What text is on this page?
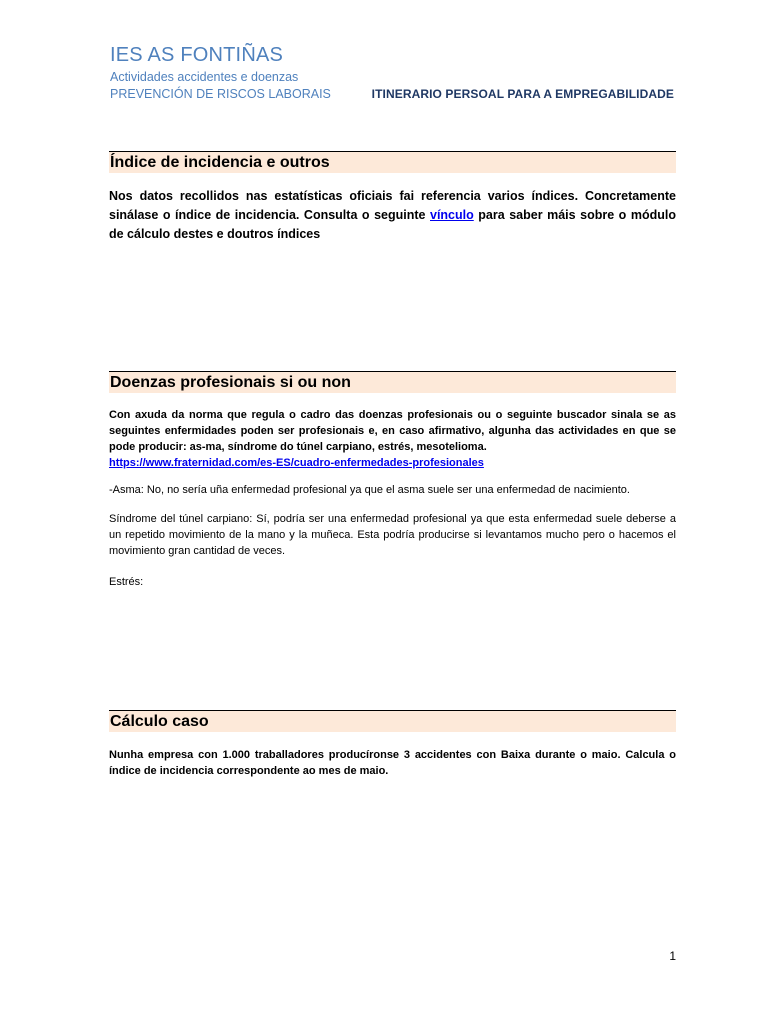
IES AS FONTIÑAS
Actividades accidentes e doenzas
PREVENCIÓN DE RISCOS LABORAIS	ITINERARIO PERSOAL PARA A EMPREGABILIDADE
Índice de incidencia e outros
Nos datos recollidos nas estatísticas oficiais fai referencia varios índices. Concretamente sinálase o índice de incidencia. Consulta o seguinte vínculo para saber máis sobre o módulo de cálculo destes e doutros índices
Doenzas profesionais si ou non
Con axuda da norma que regula o cadro das doenzas profesionais ou o seguinte buscador sinala se as seguintes enfermidades poden ser profesionais e, en caso afirmativo, algunha das actividades en que se pode producir: as-ma, síndrome do túnel carpiano, estrés, mesotelioma.
https://www.fraternidad.com/es-ES/cuadro-enfermedades-profesionales
-Asma: No, no sería uña enfermedad profesional ya que el asma suele ser una enfermedad de nacimiento.
Síndrome del túnel carpiano: Sí, podría ser una enfermedad profesional ya que esta enfermedad suele deberse a un repetido movimiento de la mano y la muñeca. Esta podría producirse si levantamos mucho pero o hacemos el movimiento gran cantidad de veces.
Estrés:
Cálculo caso
Nunha empresa con 1.000 traballadores producíronse 3 accidentes con Baixa durante o maio. Calcula o índice de incidencia correspondente ao mes de maio.
1
